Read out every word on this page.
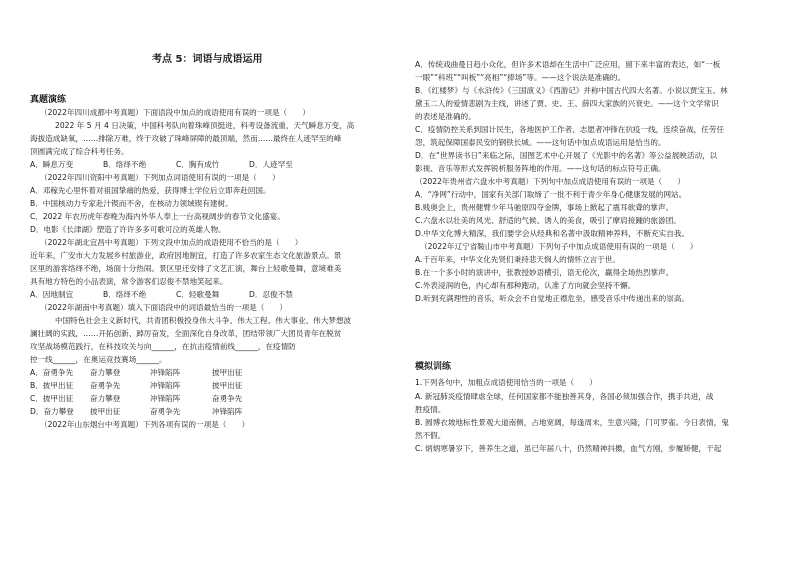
考点 5：词语与成语运用
真题演练
（2022年四川成都中考真题）下面语段中加点的成语使用有误的一项是（　　）
2022 年 5 月 4 日决策，中国科考队向着珠峰顶挺进，科考设备流重，天气瞬息万变，高
海拔造成缺氧，……排除万难，终于攻破了珠峰屏障的最顶端，然而……最终在人迹罕至的峰
顶圆满完成了综合科考任务。
A．瞬息万变	B．络绎不绝	C．胸有成竹	D．人迹罕至
（2022年四川资阳中考真题）下列加点词语使用有误的一项是（　　）
A．邓稼先心里怀着对祖国挚痛的热爱，获得博士学位后立即奔赴回国。
B．中国核动力专家赴汁锲而不舍，在核动力领域锲有建树。
C．2022 年农历虎年春晚为海内外华人奉上一台高视阔步的春节文化盛宴。
D．电影《长津湖》塑造了许许多多可歌可泣的英雄人物。
（2022年湖北宜昌中考真题）下列文段中加点的成语使用不恰当的是（　　）
近年来，广安市大力发展乡村旅游业，政府因地制宜，打造了许多农家生态文化旅游景点。景
区里的游客络绎不绝，场面十分热闹。景区里还安排了文艺汇演，舞台上轻歌曼舞，意境难美
具有地方特色的小品表演，常令游客们忍俊不禁地笑起来。
A．因地制宜	B．络绎不绝	C．轻歌曼舞	D．忍俊不禁
（2022年湖南中考真题）填入下面语段中的词语最恰当的一项是（　　）
中国特色社会主义新时代，共青团积极投身伟大斗争、伟大工程、伟大事业、伟大梦想波
澜壮阔的实践，……开拓创新、踔厉奋发，全面深化自身改革，团结带领广大团员青年在脱贫
攻坚战场模范践行，在科技攻关与向______，在抗击疫情前线______，在疫情防
控一线______，在奥运竞技赛场______。
A．奋勇争先 奋力攀登	冲锋陷阵	披甲出征
B．披甲出征 奋勇争先	冲锋陷阵	披甲出征
C．披甲出征 奋力攀登	冲锋陷阵	奋勇争先
D．奋力攀登 披甲出征	奋勇争先	冲锋陷阵
（2022年山东烟台中考真题）下列各项有误的一项是（　　）
A．传统戏曲曼日趋小众化，但许多术语却在生活中广泛应用，留下来丰富的表达，如“一板
一眼”“科班”“叫板”“亮相”“捧场”等。——这个说法是准确的。
B．《红楼梦》与《水浒传》《三国演义》《西游记》并称中国古代四大名著。小说以贾宝玉、林
黛玉二人的爱情悲剧为主线，讲述了贾、史、王、薛四大家族的兴衰史。——这个文学常识
的表述是准确的。
C．疫情防控关系到国计民生，各地医护工作者、志愿者冲锋在抗疫一线，连续奋战，任劳任
怨，筑起保障国泰民安的钢铁长城。——这句话中加点成语运用是恰当的。
D．在“世界读书日”来临之际，国图艺术中心开展了《光影中的名著》等公益展映活动，以
影视、音乐等形式发挥锐析服务阵地的作用。——这句话的标点符号正确。
（2022年贵州省六盘水中考真题）下列句中加点成语使用有误的一项是（　　）
A．“净网”行动中，国家有关部门取缔了一批不利于青少年身心健康发展的网站。
B.贱奥会上，贵州健臂少年马驰原四夺金牌，事场上掀起了震耳欲聋的掌声。
C.六盘水以壮美的风光、舒适的气候、诱人的美食，吸引了摩肩接踵的旅游团。
D.中华文化博大精深，我们要学会从经典和名著中汲取精神养料，不断充实自我。
（2022年辽宁省鞍山市中考真题）下列句子中加点成语使用有误的一项是（　　）
A.千百年来，中华文化先贤们秉持悲天悯人的情怀立言于世。
B.在一个多小时的演讲中，张教授妙语横引，语无伦次，赢得全场热烈掌声。
C.外表浸润的色，内心却有那种跑动，认准了方向就会坚持不懈。
D.听到充满理性的音乐，听众会不自觉地正襟危坐，感受音乐中传递出来的崇高。
模拟训练
1.下列各句中，加粗点成语使用恰当的一项是（　　）
A. 新冠肺炎疫情肆虐全球，任何国家都不能独善其身，各国必须加强合作，携手共进，战
胜疫情。
B. 圆博衣坡地标性景观大道南侧，占地宽阔，每逢周末，生意兴隆，门可罗雀。今日表情，鬼
然不假。
C. 炳炳寒暑岁下，善养生之道，虽已年届八十，仍然精神抖擞，血气方刚，步履矫健，干起
